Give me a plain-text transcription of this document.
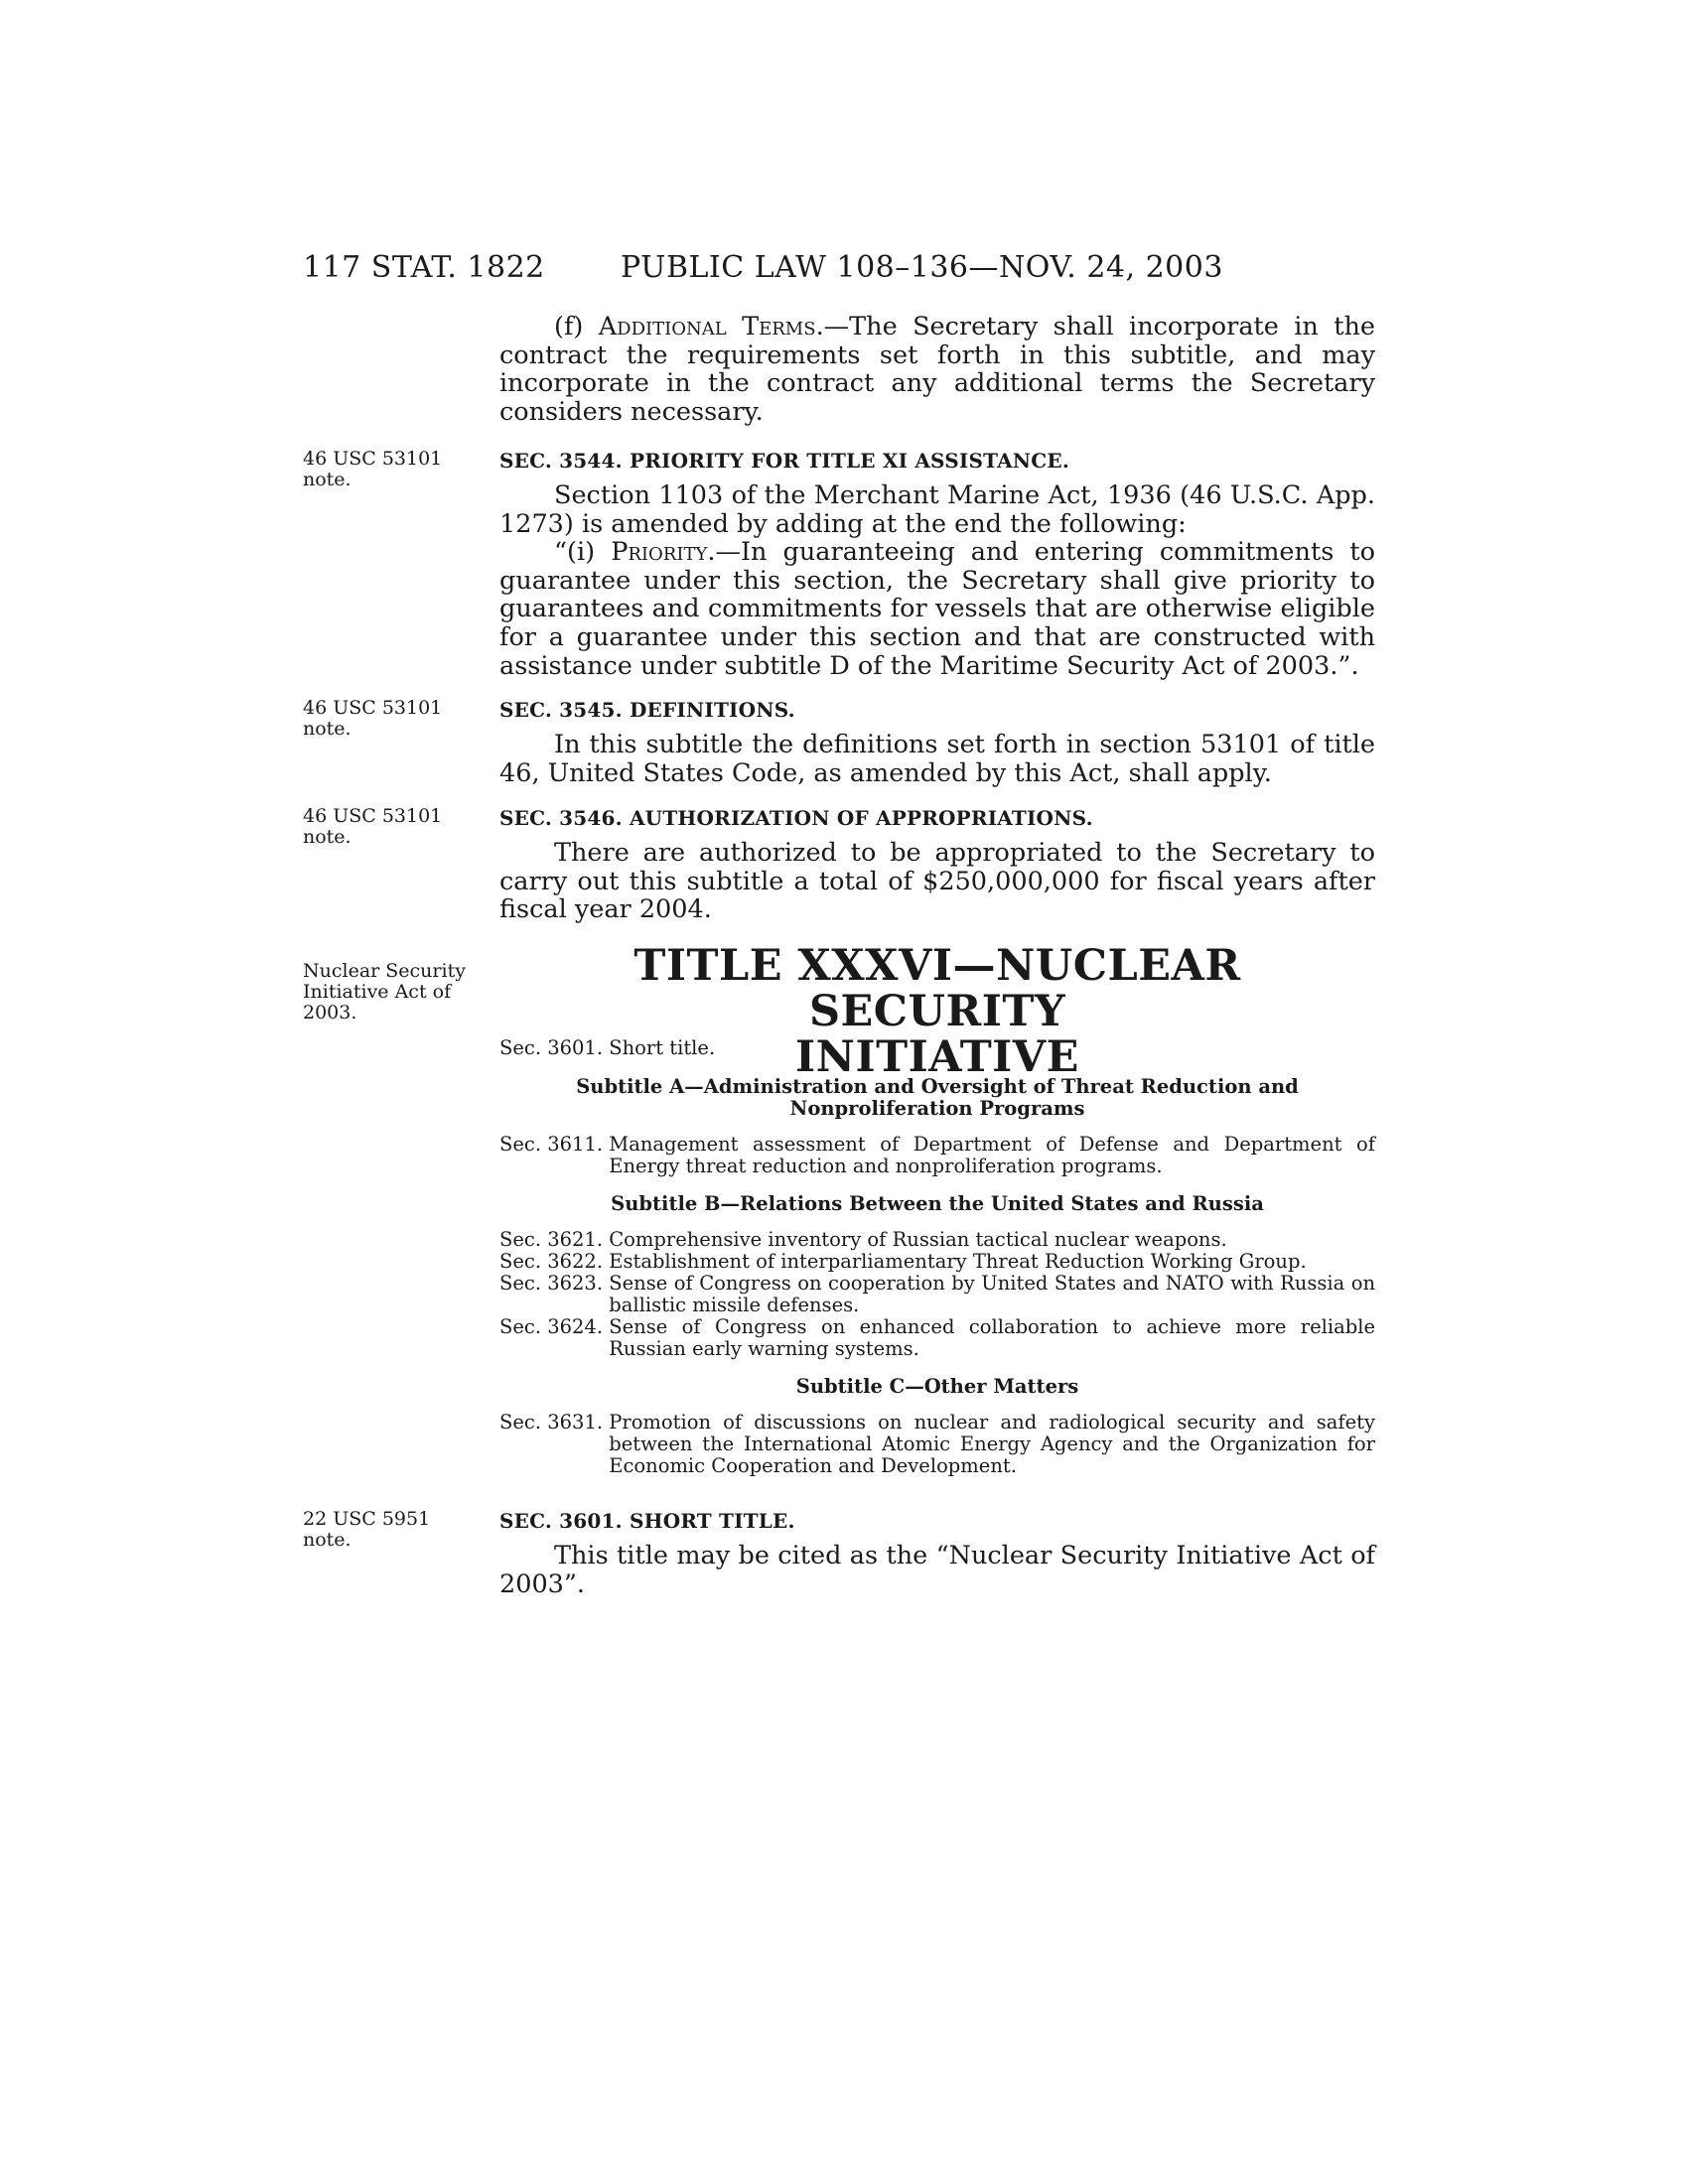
117 STAT. 1822	PUBLIC LAW 108–136—NOV. 24, 2003

(f) Additional Terms.—The Secretary shall incorporate in the contract the requirements set forth in this subtitle, and may incorporate in the contract any additional terms the Secretary considers necessary.

46 USC 53101 note.

SEC. 3544. PRIORITY FOR TITLE XI ASSISTANCE.

Section 1103 of the Merchant Marine Act, 1936 (46 U.S.C. App. 1273) is amended by adding at the end the following:

“(i) Priority.—In guaranteeing and entering commitments to guarantee under this section, the Secretary shall give priority to guarantees and commitments for vessels that are otherwise eligible for a guarantee under this section and that are constructed with assistance under subtitle D of the Maritime Security Act of 2003.”.

46 USC 53101 note.

SEC. 3545. DEFINITIONS.

In this subtitle the definitions set forth in section 53101 of title 46, United States Code, as amended by this Act, shall apply.

46 USC 53101 note.

SEC. 3546. AUTHORIZATION OF APPROPRIATIONS.

There are authorized to be appropriated to the Secretary to carry out this subtitle a total of $250,000,000 for fiscal years after fiscal year 2004.

Nuclear Security Initiative Act of 2003.
TITLE XXXVI—NUCLEAR SECURITY
INITIATIVE

Sec. 3601. Short title.

Subtitle A—Administration and Oversight of Threat Reduction and

Nonproliferation Programs

Sec. 3611. Management assessment of Department of Defense and Department of Energy threat reduction and nonproliferation programs.

Subtitle B—Relations Between the United States and Russia

Sec. 3621. Comprehensive inventory of Russian tactical nuclear weapons.

Sec. 3622. Establishment of interparliamentary Threat Reduction Working Group.

Sec. 3623. Sense of Congress on cooperation by United States and NATO with Russia on ballistic missile defenses.

Sec. 3624. Sense of Congress on enhanced collaboration to achieve more reliable Russian early warning systems.

Subtitle C—Other Matters

Sec. 3631. Promotion of discussions on nuclear and radiological security and safety between the International Atomic Energy Agency and the Organization for Economic Cooperation and Development.

22 USC 5951 note.

SEC. 3601. SHORT TITLE.

This title may be cited as the “Nuclear Security Initiative Act of 2003”.
